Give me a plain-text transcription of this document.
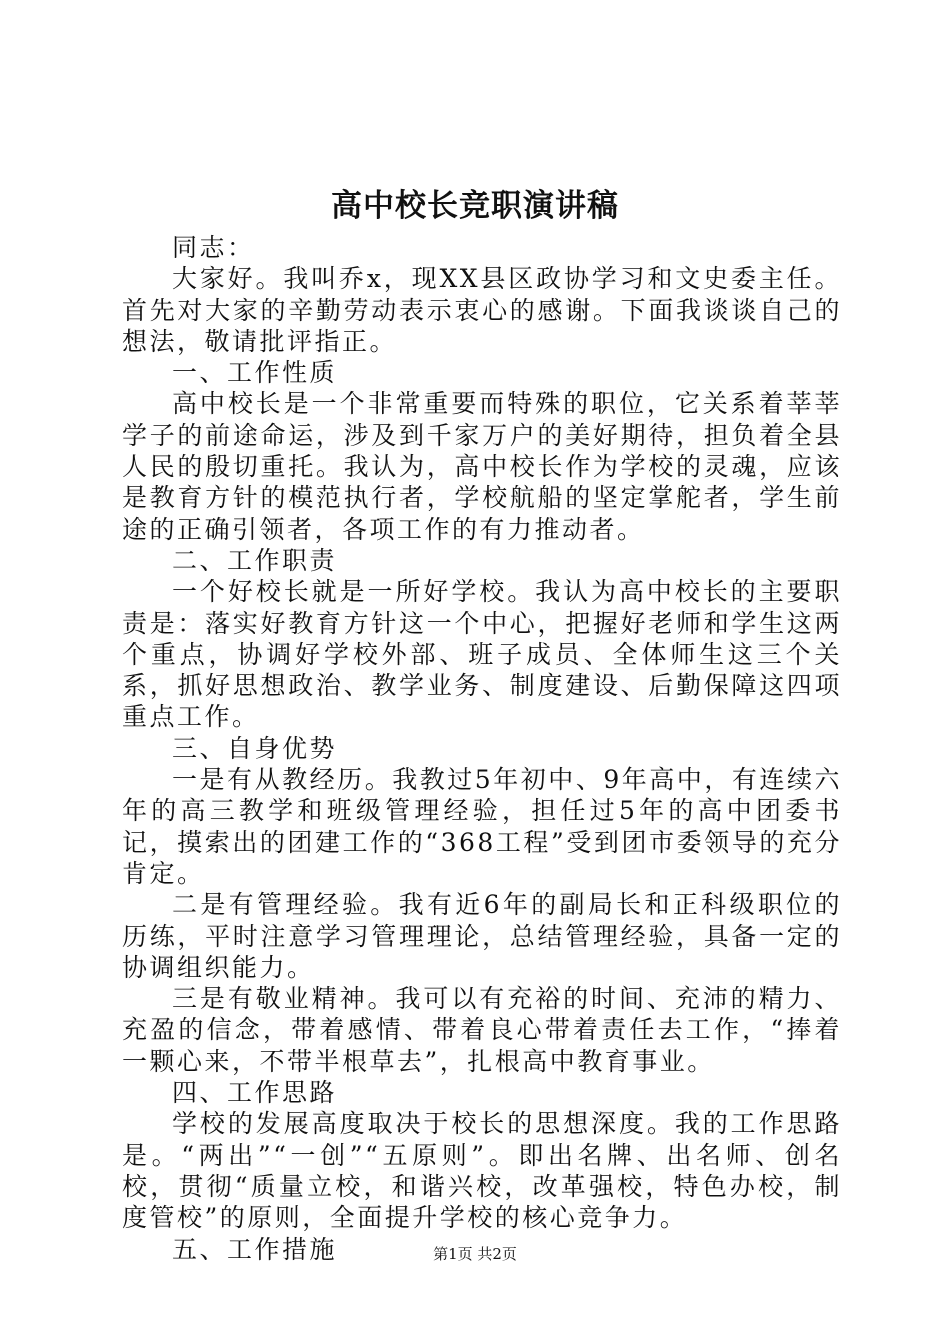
高中校长竞职演讲稿

同志：

大家好。我叫乔x，现XX县区政协学习和文史委主任。首先对大家的辛勤劳动表示衷心的感谢。下面我谈谈自己的想法，敬请批评指正。

一、工作性质

高中校长是一个非常重要而特殊的职位，它关系着莘莘学子的前途命运，涉及到千家万户的美好期待，担负着全县人民的殷切重托。我认为，高中校长作为学校的灵魂，应该是教育方针的模范执行者，学校航船的坚定掌舵者，学生前途的正确引领者，各项工作的有力推动者。

二、工作职责

一个好校长就是一所好学校。我认为高中校长的主要职责是：落实好教育方针这一个中心，把握好老师和学生这两个重点，协调好学校外部、班子成员、全体师生这三个关系，抓好思想政治、教学业务、制度建设、后勤保障这四项重点工作。

三、自身优势

一是有从教经历。我教过5年初中、9年高中，有连续六年的高三教学和班级管理经验，担任过5年的高中团委书记，摸索出的团建工作的“368工程”受到团市委领导的充分肯定。

二是有管理经验。我有近6年的副局长和正科级职位的历练，平时注意学习管理理论，总结管理经验，具备一定的协调组织能力。

三是有敬业精神。我可以有充裕的时间、充沛的精力、充盈的信念，带着感情、带着良心带着责任去工作，“捧着一颗心来，不带半根草去”，扎根高中教育事业。

四、工作思路

学校的发展高度取决于校长的思想深度。我的工作思路是。“两出”“一创”“五原则”。即出名牌、出名师、创名校，贯彻“质量立校，和谐兴校，改革强校，特色办校，制度管校”的原则，全面提升学校的核心竞争力。

五、工作措施	第1页 共2页
